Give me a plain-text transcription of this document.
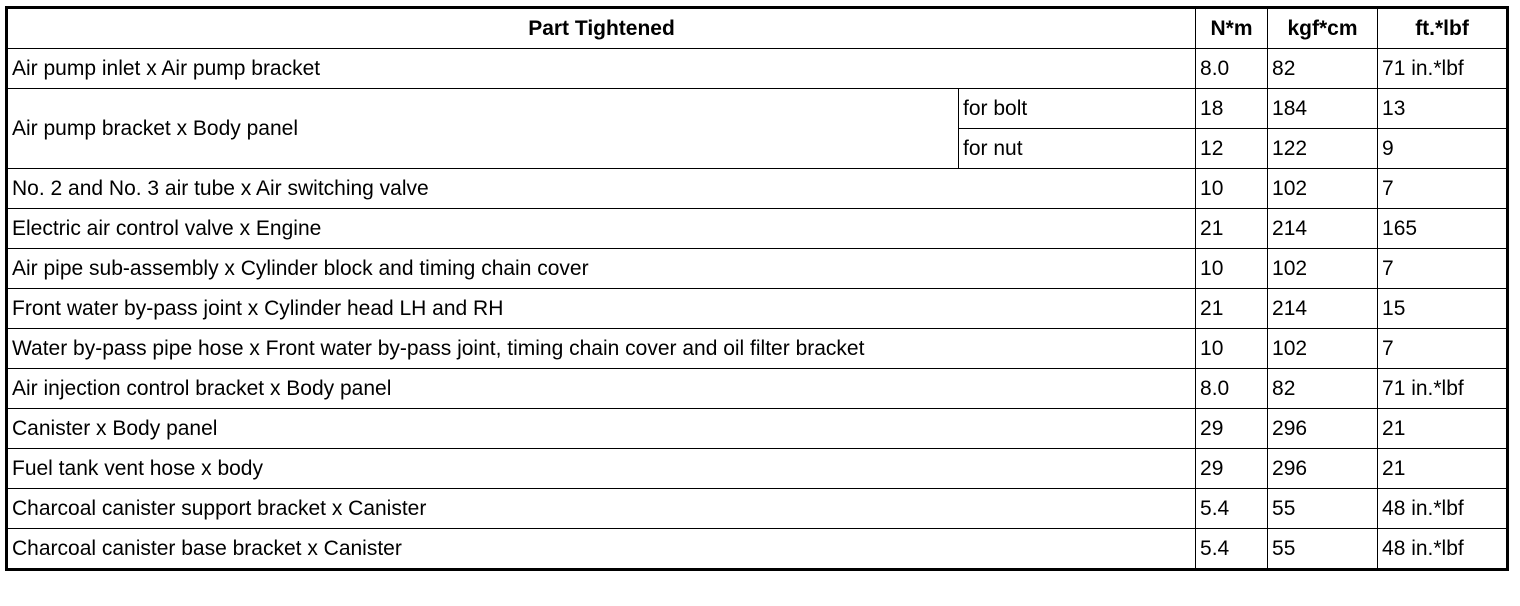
Part Tightened		N*m	kgf*cm	ft.*lbf
Air pump inlet x Air pump bracket		8.0	82	71 in.*lbf
Air pump bracket x Body panel	for bolt	18	184	13
	for nut	12	122	9
No. 2 and No. 3 air tube x Air switching valve		10	102	7
Electric air control valve x Engine		21	214	165
Air pipe sub-assembly x Cylinder block and timing chain cover		10	102	7
Front water by-pass joint x Cylinder head LH and RH		21	214	15
Water by-pass pipe hose x Front water by-pass joint, timing chain cover and oil filter bracket		10	102	7
Air injection control bracket x Body panel		8.0	82	71 in.*lbf
Canister x Body panel		29	296	21
Fuel tank vent hose x body		29	296	21
Charcoal canister support bracket x Canister		5.4	55	48 in.*lbf
Charcoal canister base bracket x Canister		5.4	55	48 in.*lbf
